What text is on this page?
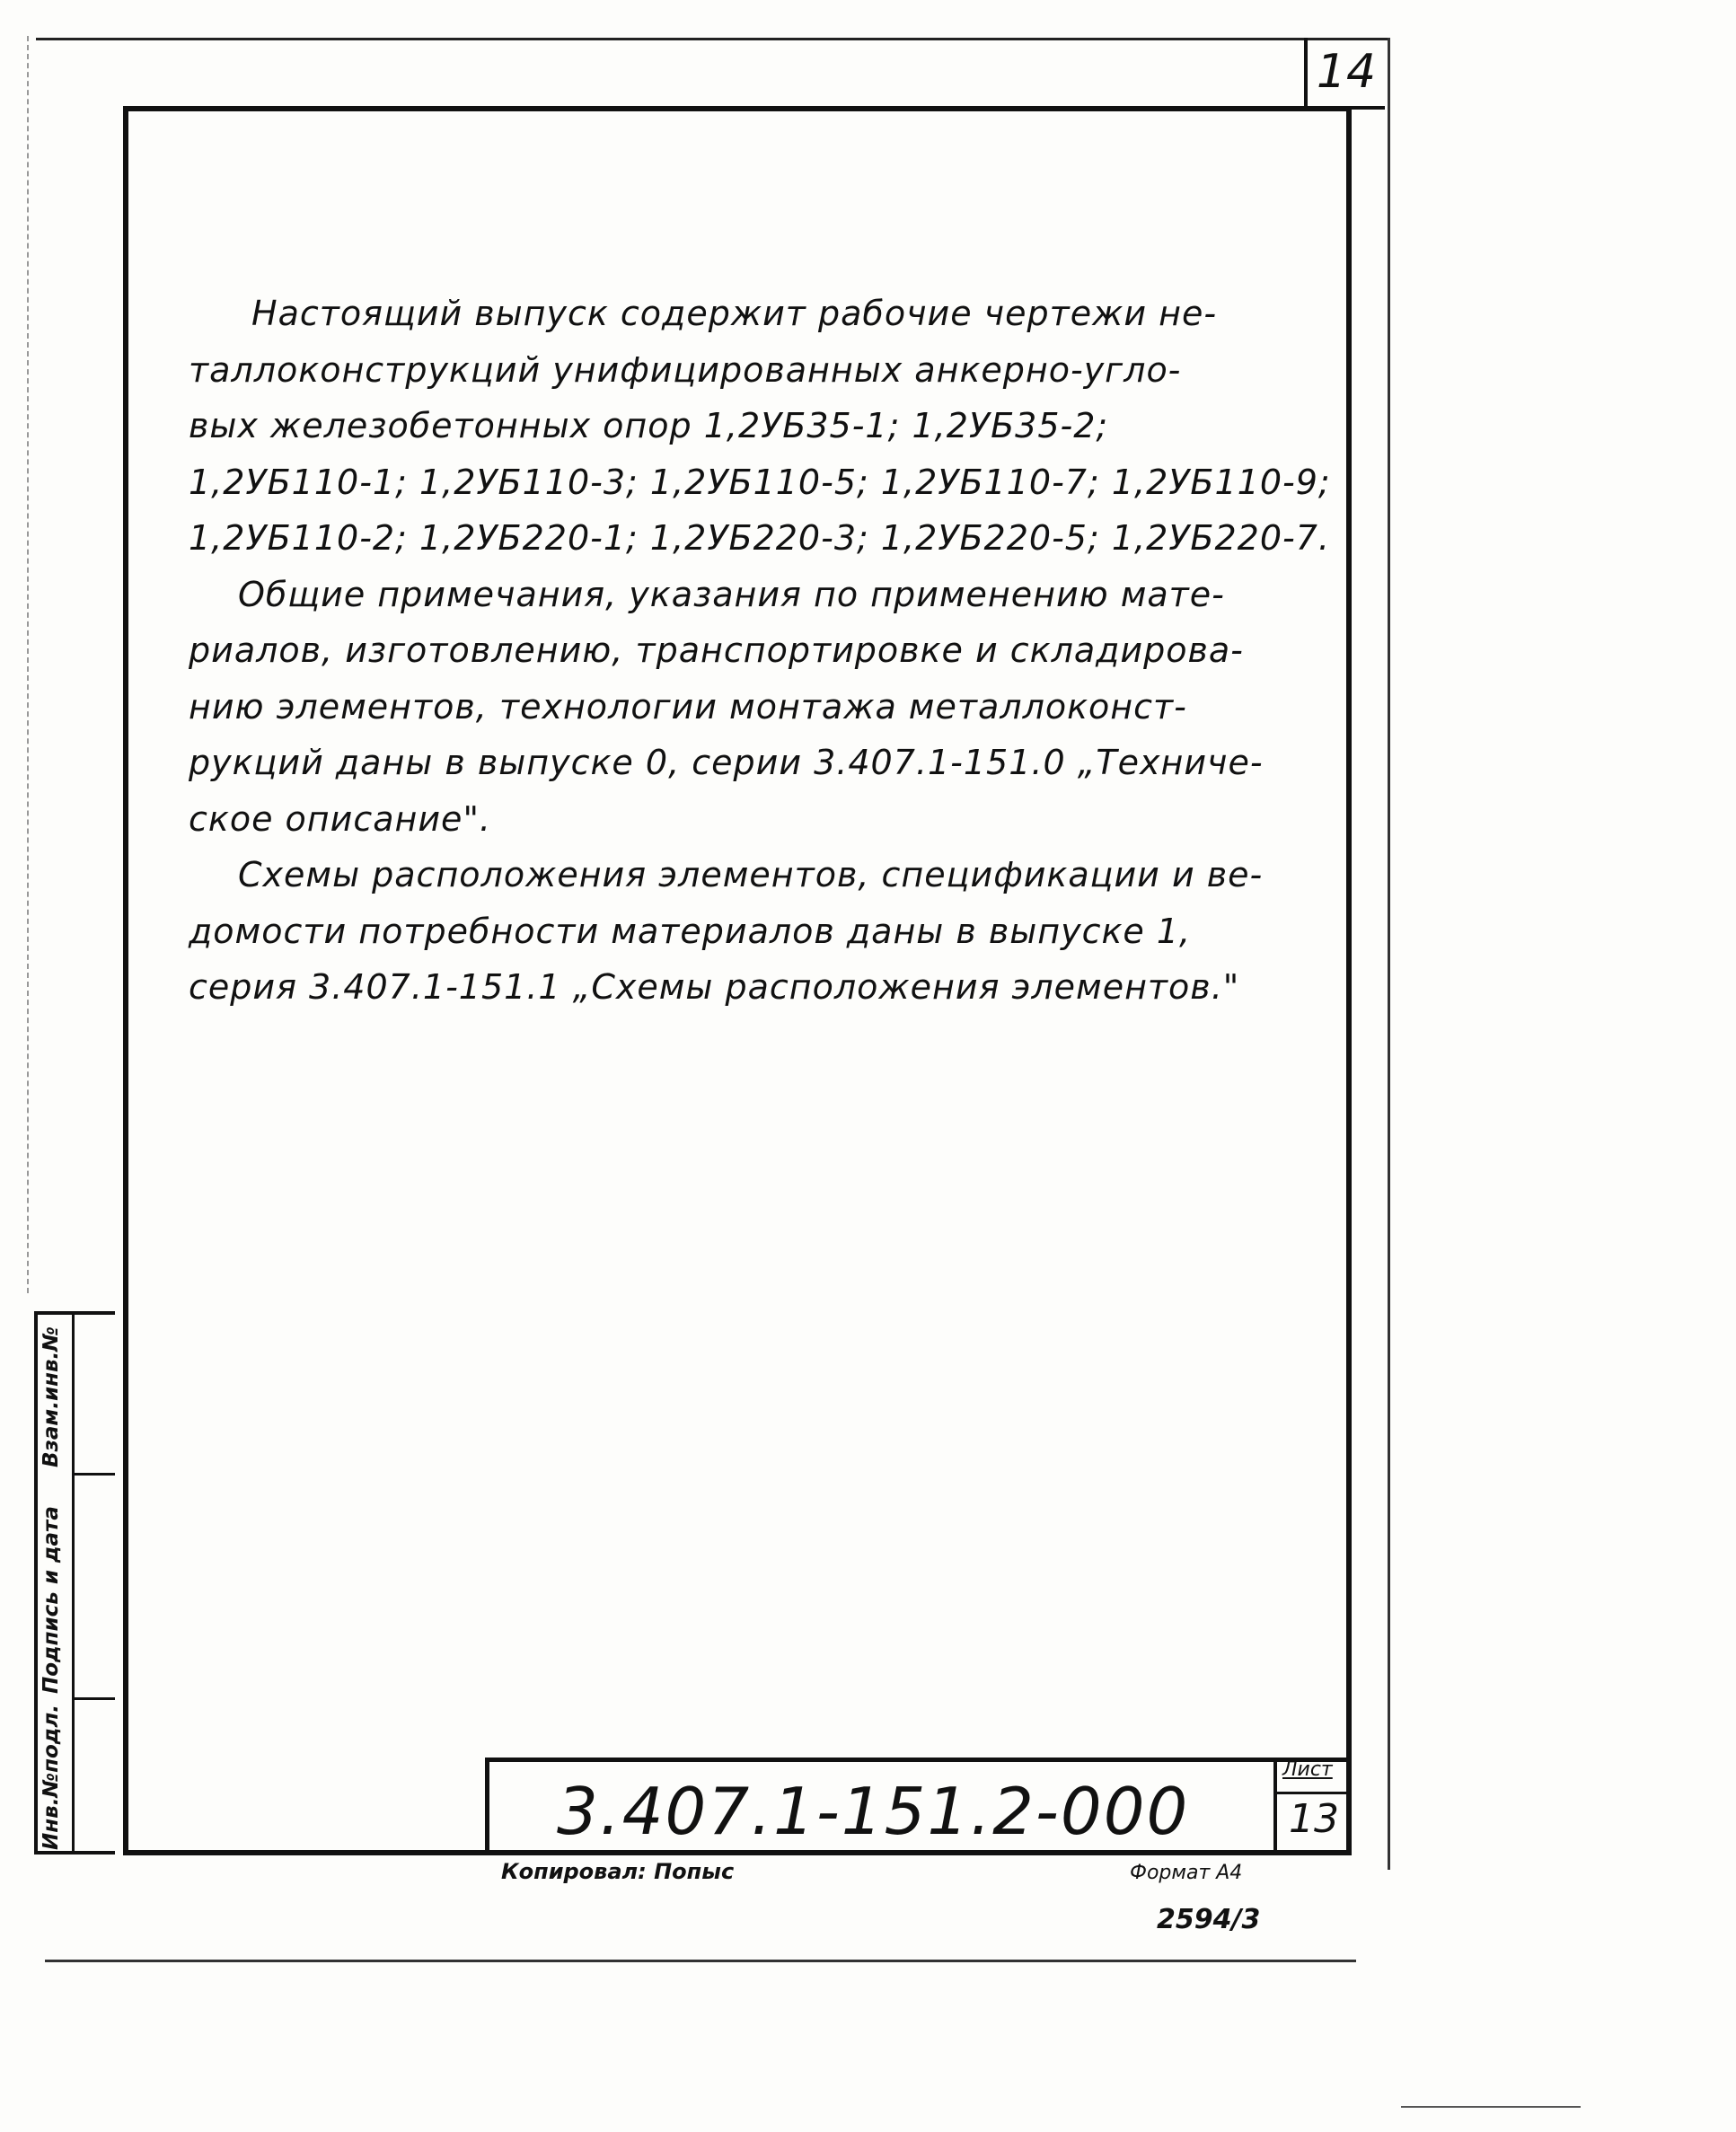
14
Настоящий выпуск содержит рабочие чертежи не-
таллоконструкций унифицированных анкерно-угло-
вых железобетонных опор 1,2УБ35-1; 1,2УБ35-2;
1,2УБ110-1; 1,2УБ110-3; 1,2УБ110-5; 1,2УБ110-7; 1,2УБ110-9;
1,2УБ110-2; 1,2УБ220-1; 1,2УБ220-3; 1,2УБ220-5; 1,2УБ220-7.
Общие примечания, указания по применению мате-
риалов, изготовлению, транспортировке и складирова-
нию элементов, технологии монтажа металлоконст-
рукций даны в выпуске 0, серии 3.407.1-151.0 „Техниче-
ское описание".
Схемы расположения элементов, спецификации и ве-
домости потребности материалов даны в выпуске 1,
серия 3.407.1-151.1 „Схемы расположения элементов."
Инв.№подл.
Подпись и дата
Взам.инв.№
3.407.1-151.2-000
Лист
13
Копировал: Попыс	Формат А4
2594/3
